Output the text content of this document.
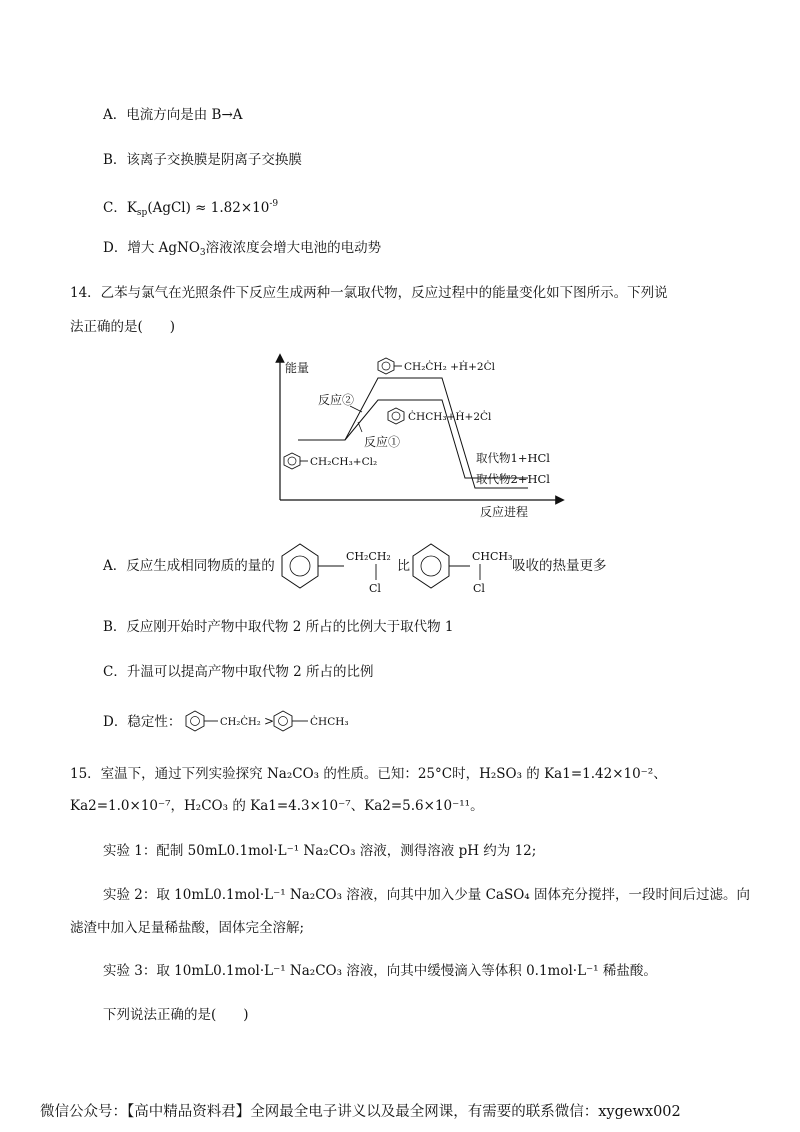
A．电流方向是由 B→A
B．该离子交换膜是阴离子交换膜
C．$K_{sp}(AgCl) \approx 1.82\times 10^{-9}$
D．增大 AgNO$_3$溶液浓度会增大电池的电动势
14．乙苯与氯气在光照条件下反应生成两种一氯取代物，反应过程中的能量变化如下图所示。下列说
法正确的是(　　)
能量
反应进程
反应②
反应①
CH₂ĊH₂ +Ḣ+2Ċl
ĊHCH₃+Ḣ+2Ċl
CH₂CH₃+Cl₂	取代物1+HCl
取代物2+HCl
A．反应生成相同物质的量的
CH₂CH₂
Cl
比
CHCH₃
Cl
吸收的热量更多
B．反应刚开始时产物中取代物 2 所占的比例大于取代物 1
C．升温可以提高产物中取代物 2 所占的比例
D．稳定性：	CH₂ĊH₂ >	ĊHCH₃
15．室温下，通过下列实验探究 Na₂CO₃ 的性质。已知：25°C时，H₂SO₃ 的 Ka1=1.42×10⁻²、
Ka2=1.0×10⁻⁷，H₂CO₃ 的 Ka1=4.3×10⁻⁷、Ka2=5.6×10⁻¹¹。
实验 1：配制 50mL0.1mol·L⁻¹ Na₂CO₃ 溶液，测得溶液 pH 约为 12;
实验 2：取 10mL0.1mol·L⁻¹ Na₂CO₃ 溶液，向其中加入少量 CaSO₄ 固体充分搅拌，一段时间后过滤。向
滤渣中加入足量稀盐酸，固体完全溶解;
实验 3：取 10mL0.1mol·L⁻¹ Na₂CO₃ 溶液，向其中缓慢滴入等体积 0.1mol·L⁻¹ 稀盐酸。
下列说法正确的是(　　)
微信公众号：【高中精品资料君】全网最全电子讲义以及最全网课，有需要的联系微信：xygewx002
